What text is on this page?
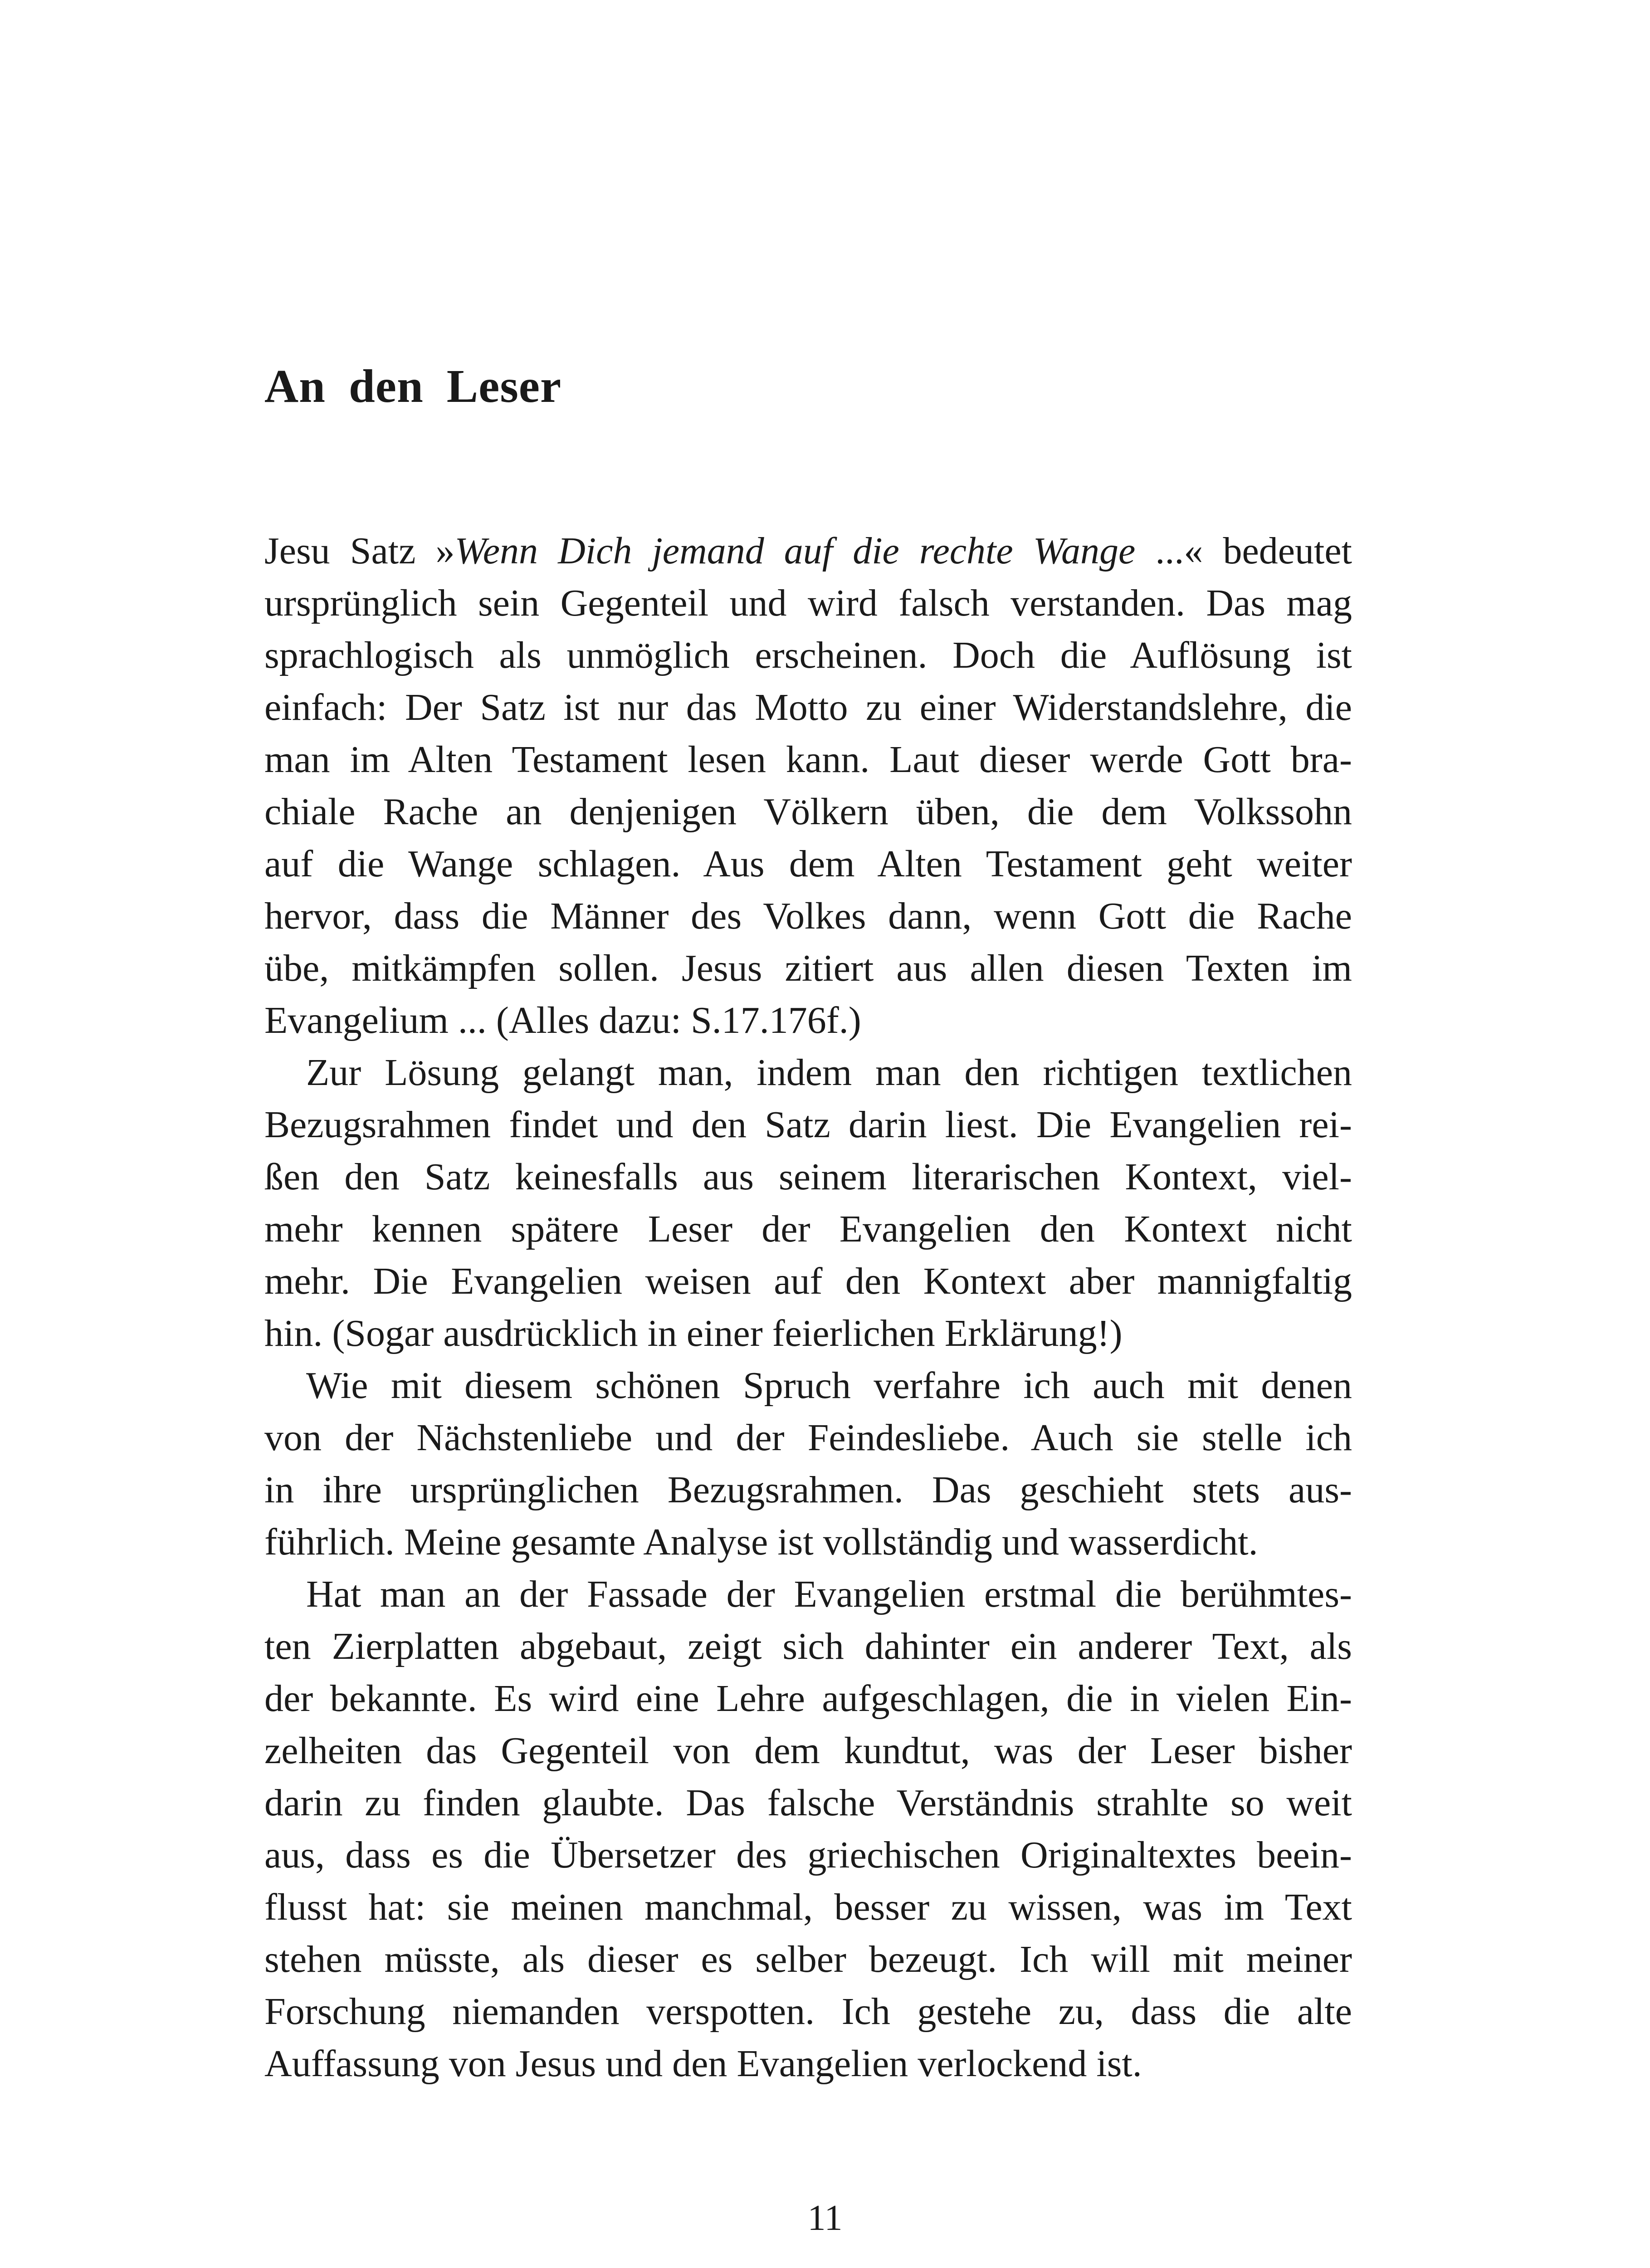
An den Leser
Jesu Satz »Wenn Dich jemand auf die rechte Wange ...« bedeutet
ursprünglich sein Gegenteil und wird falsch verstanden. Das mag
sprachlogisch als unmöglich erscheinen. Doch die Auflösung ist
einfach: Der Satz ist nur das Motto zu einer Widerstandslehre, die
man im Alten Testament lesen kann. Laut dieser werde Gott bra-
chiale Rache an denjenigen Völkern üben, die dem Volkssohn
auf die Wange schlagen. Aus dem Alten Testament geht weiter
hervor, dass die Männer des Volkes dann, wenn Gott die Rache
übe, mitkämpfen sollen. Jesus zitiert aus allen diesen Texten im
Evangelium ... (Alles dazu: S.17.176f.)
Zur Lösung gelangt man, indem man den richtigen textlichen
Bezugsrahmen findet und den Satz darin liest. Die Evangelien rei-
ßen den Satz keinesfalls aus seinem literarischen Kontext, viel-
mehr kennen spätere Leser der Evangelien den Kontext nicht
mehr. Die Evangelien weisen auf den Kontext aber mannigfaltig
hin. (Sogar ausdrücklich in einer feierlichen Erklärung!)
Wie mit diesem schönen Spruch verfahre ich auch mit denen
von der Nächstenliebe und der Feindesliebe. Auch sie stelle ich
in ihre ursprünglichen Bezugsrahmen. Das geschieht stets aus-
führlich. Meine gesamte Analyse ist vollständig und wasserdicht.
Hat man an der Fassade der Evangelien erstmal die berühmtes-
ten Zierplatten abgebaut, zeigt sich dahinter ein anderer Text, als
der bekannte. Es wird eine Lehre aufgeschlagen, die in vielen Ein-
zelheiten das Gegenteil von dem kundtut, was der Leser bisher
darin zu finden glaubte. Das falsche Verständnis strahlte so weit
aus, dass es die Übersetzer des griechischen Originaltextes beein-
flusst hat: sie meinen manchmal, besser zu wissen, was im Text
stehen müsste, als dieser es selber bezeugt. Ich will mit meiner
Forschung niemanden verspotten. Ich gestehe zu, dass die alte
Auffassung von Jesus und den Evangelien verlockend ist.
11
